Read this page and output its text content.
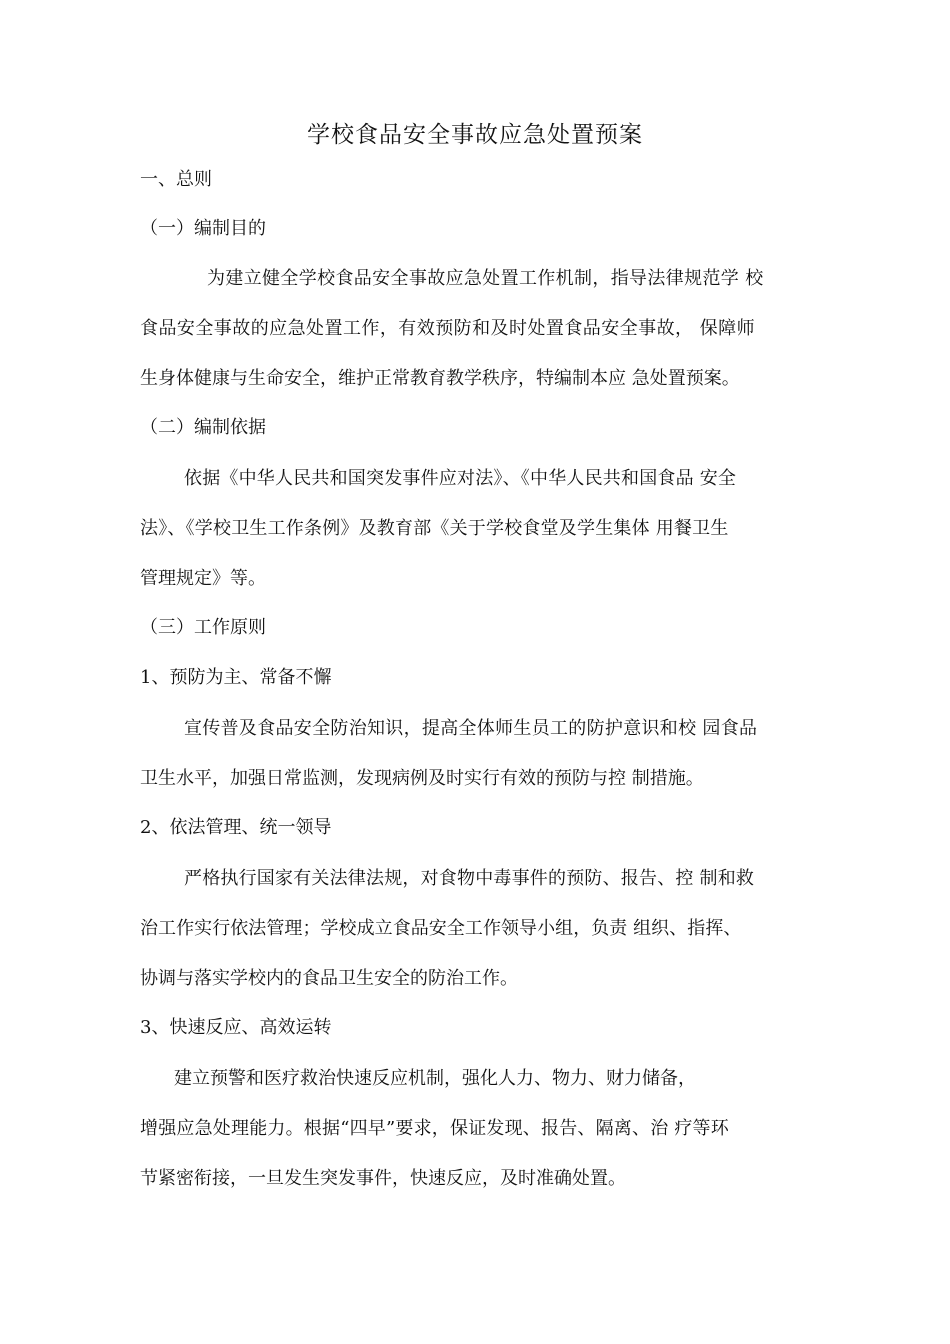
学校食品安全事故应急处置预案
一、总则
（一）编制目的
为建立健全学校食品安全事故应急处置工作机制，指导法律规范学 校
食品安全事故的应急处置工作，有效预防和及时处置食品安全事故， 保障师
生身体健康与生命安全，维护正常教育教学秩序，特编制本应 急处置预案。
（二）编制依据
依据《中华人民共和国突发事件应对法》、《中华人民共和国食品 安全
法》、《学校卫生工作条例》及教育部《关于学校食堂及学生集体 用餐卫生
管理规定》等。
（三）工作原则
1、预防为主、常备不懈
宣传普及食品安全防治知识，提高全体师生员工的防护意识和校 园食品
卫生水平，加强日常监测，发现病例及时实行有效的预防与控 制措施。
2、依法管理、统一领导
严格执行国家有关法律法规，对食物中毒事件的预防、报告、控 制和救
治工作实行依法管理；学校成立食品安全工作领导小组，负责 组织、指挥、
协调与落实学校内的食品卫生安全的防治工作。
3、快速反应、高效运转
建立预警和医疗救治快速反应机制，强化人力、物力、财力储备，
增强应急处理能力。根据“四早”要求，保证发现、报告、隔离、治 疗等环
节紧密衔接，一旦发生突发事件，快速反应，及时准确处置。
